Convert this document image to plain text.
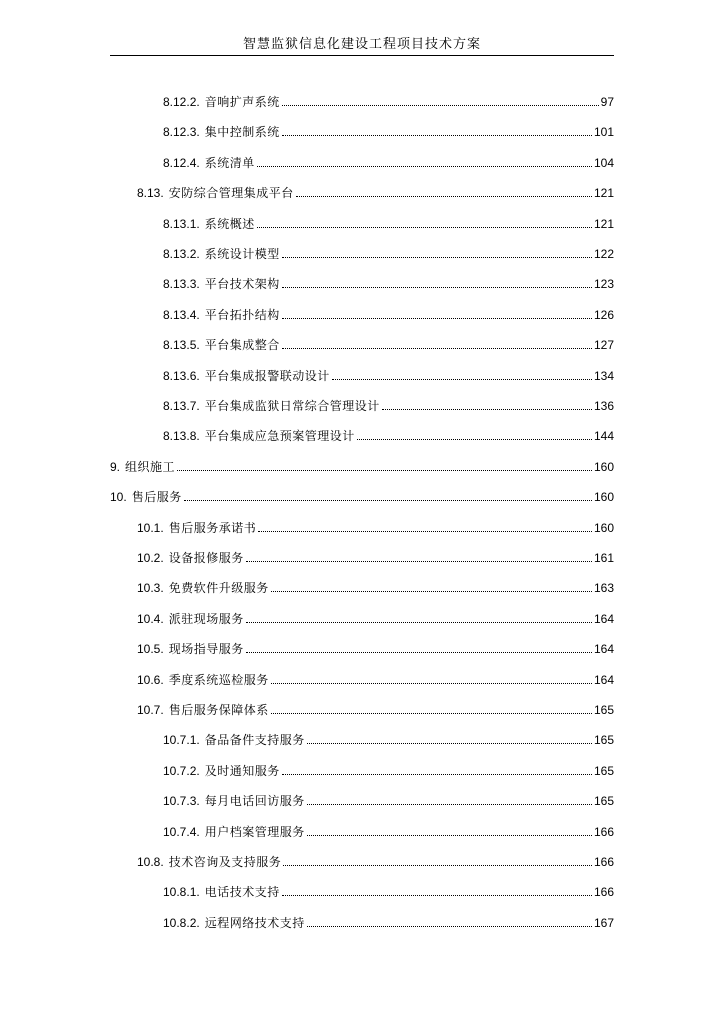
智慧监狱信息化建设工程项目技术方案
8.12.2. 音响扩声系统	97
8.12.3. 集中控制系统	101
8.12.4. 系统清单	104
8.13. 安防综合管理集成平台	121
8.13.1. 系统概述	121
8.13.2. 系统设计模型	122
8.13.3. 平台技术架构	123
8.13.4. 平台拓扑结构	126
8.13.5. 平台集成整合	127
8.13.6. 平台集成报警联动设计	134
8.13.7. 平台集成监狱日常综合管理设计	136
8.13.8. 平台集成应急预案管理设计	144
9. 组织施工	160
10. 售后服务	160
10.1. 售后服务承诺书	160
10.2. 设备报修服务	161
10.3. 免费软件升级服务	163
10.4. 派驻现场服务	164
10.5. 现场指导服务	164
10.6. 季度系统巡检服务	164
10.7. 售后服务保障体系	165
10.7.1. 备品备件支持服务	165
10.7.2. 及时通知服务	165
10.7.3. 每月电话回访服务	165
10.7.4. 用户档案管理服务	166
10.8. 技术咨询及支持服务	166
10.8.1. 电话技术支持	166
10.8.2. 远程网络技术支持	167
